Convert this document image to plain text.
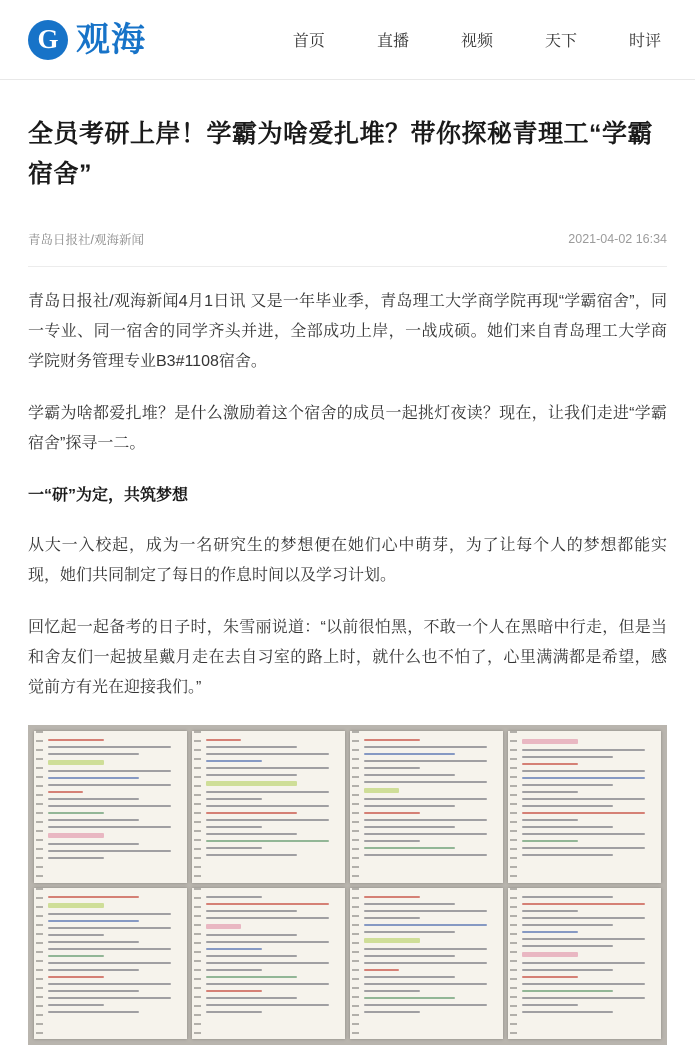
G 观海	首页	直播	视频	天下	时评
全员考研上岸！学霸为啥爱扎堆？带你探秘青理工“学霸宿舍”
青岛日报社/观海新闻	2021-04-02 16:34

青岛日报社/观海新闻4月1日讯 又是一年毕业季，青岛理工大学商学院再现“学霸宿舍”，同一专业、同一宿舍的同学齐头并进，全部成功上岸，一战成硕。她们来自青岛理工大学商学院财务管理专业B3#1108宿舍。

学霸为啥都爱扎堆？是什么激励着这个宿舍的成员一起挑灯夜读？现在，让我们走进“学霸宿舍”探寻一二。

一“研”为定，共筑梦想

从大一入校起，成为一名研究生的梦想便在她们心中萌芽，为了让每个人的梦想都能实现，她们共同制定了每日的作息时间以及学习计划。

回忆起一起备考的日子时，朱雪丽说道：“以前很怕黑，不敢一个人在黑暗中行走，但是当和舍友们一起披星戴月走在去自习室的路上时，就什么也不怕了，心里满满都是希望，感觉前方有光在迎接我们。”
